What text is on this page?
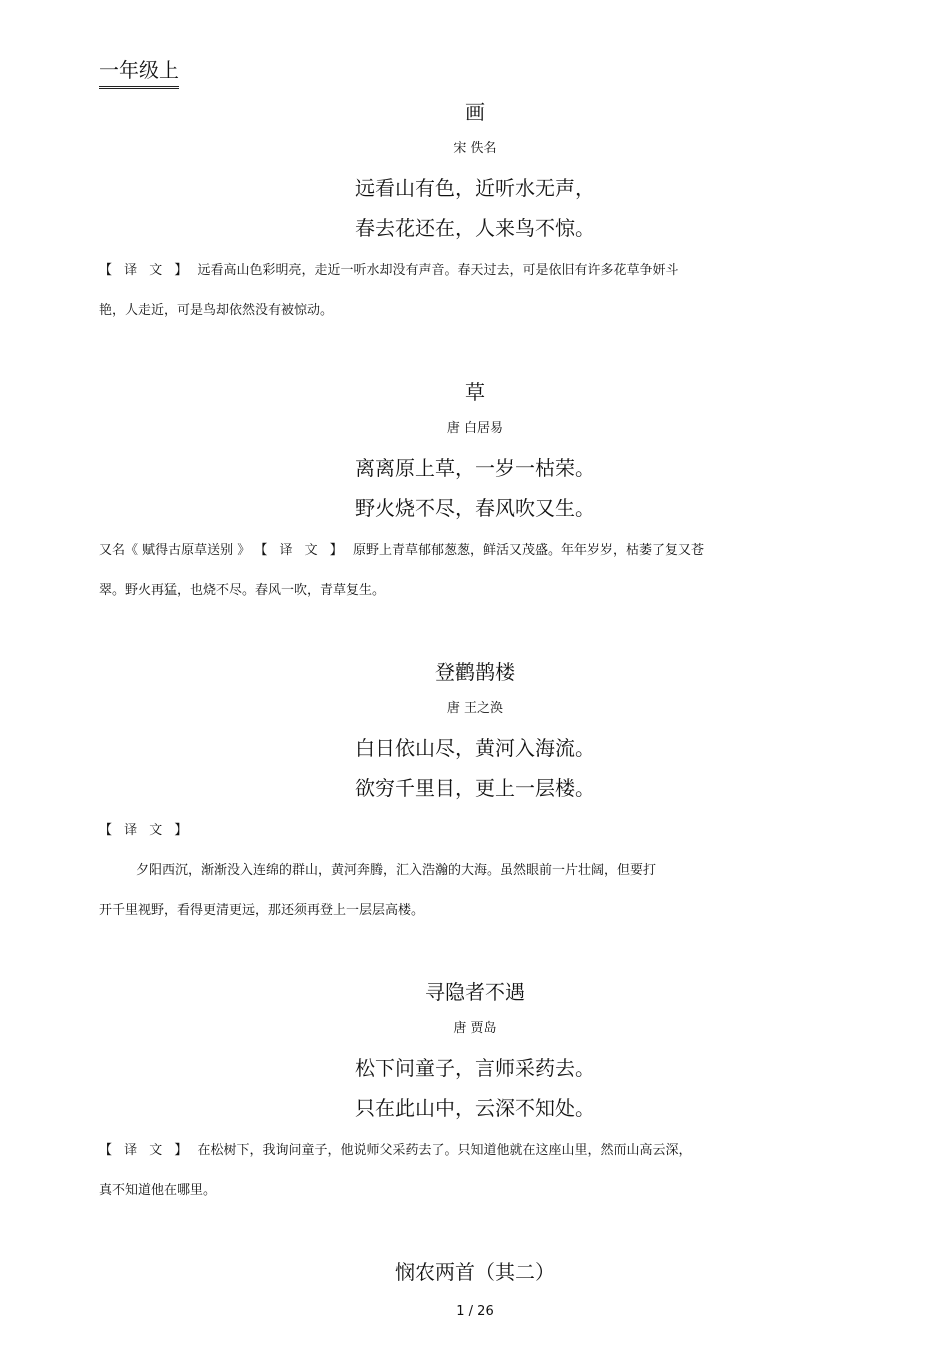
一年级上
画
宋 佚名
远看山有色，近听水无声，
春去花还在，人来鸟不惊。
【 译 文 】 远看高山色彩明亮，走近一听水却没有声音。春天过去，可是依旧有许多花草争妍斗
艳，人走近，可是鸟却依然没有被惊动。
草
唐 白居易
离离原上草，一岁一枯荣。
野火烧不尽，春风吹又生。
又名《 赋得古原草送别 》 【 译 文 】 原野上青草郁郁葱葱，鲜活又茂盛。年年岁岁，枯萎了复又苍
翠。野火再猛，也烧不尽。春风一吹，青草复生。
登鹳鹊楼
唐 王之涣
白日依山尽，黄河入海流。
欲穷千里目，更上一层楼。
【 译 文 】
夕阳西沉，渐渐没入连绵的群山，黄河奔腾，汇入浩瀚的大海。虽然眼前一片壮阔，但要打
开千里视野，看得更清更远，那还须再登上一层层高楼。
寻隐者不遇
唐 贾岛
松下问童子，言师采药去。
只在此山中，云深不知处。
【 译 文 】 在松树下，我询问童子，他说师父采药去了。只知道他就在这座山里，然而山高云深，
真不知道他在哪里。
悯农两首（其二）
1 / 26
